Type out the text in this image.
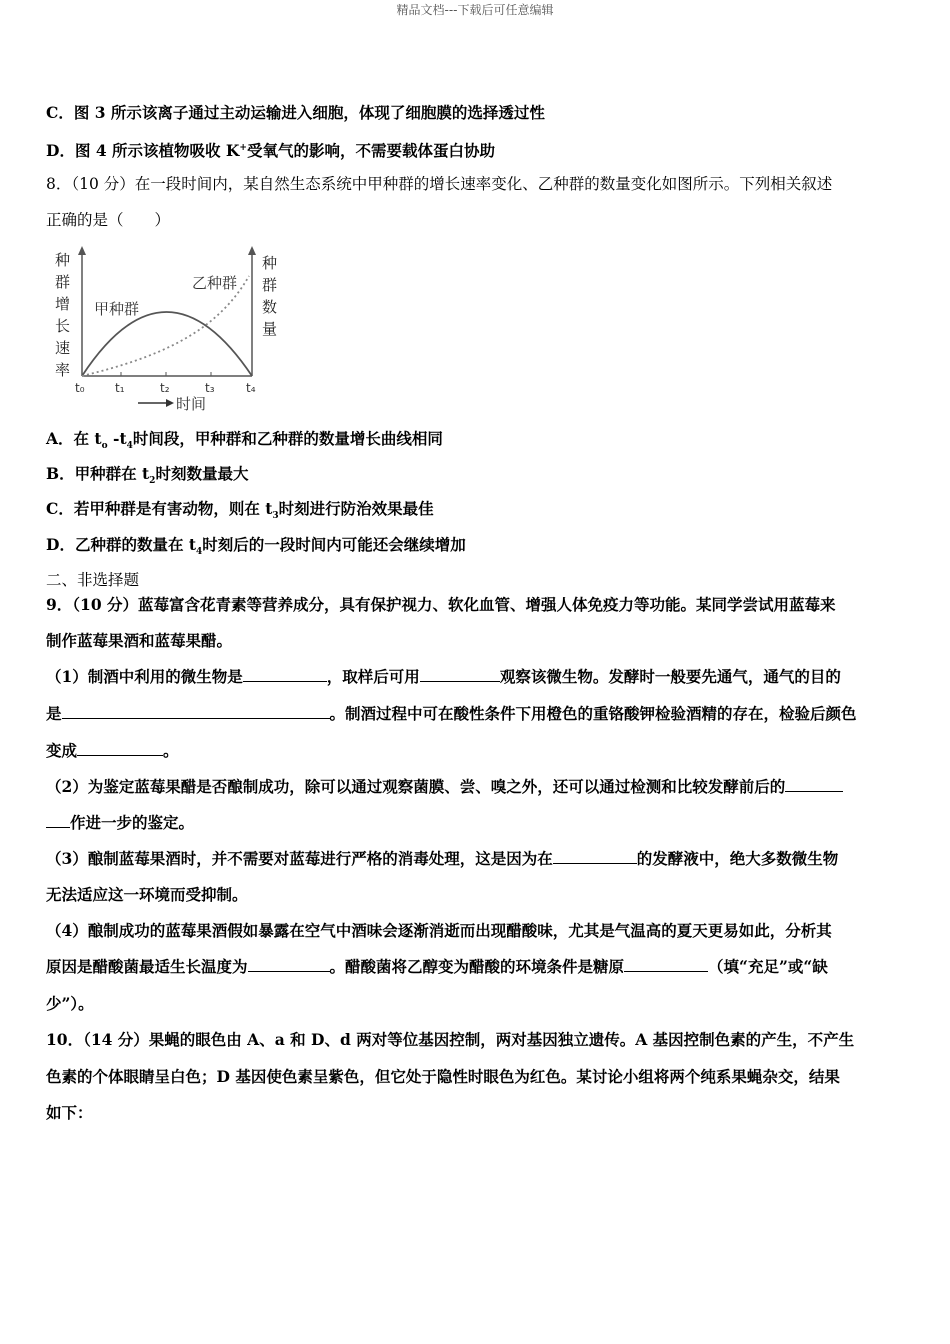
精品文档---下载后可任意编辑
C．图 3 所示该离子通过主动运输进入细胞，体现了细胞膜的选择透过性
D．图 4 所示该植物吸收 K+受氧气的影响，不需要载体蛋白协助
8．（10 分）在一段时间内，某自然生态系统中甲种群的增长速率变化、乙种群的数量变化如图所示。下列相关叙述
正确的是（　　）
种
群
增
长
速
率
种
群
数
量
甲种群
乙种群
t₀	t₁	t₂	t₃	t₄
时间
A．在 $t_o$ $-t_4$时间段，甲种群和乙种群的数量增长曲线相同
B．甲种群在 $t_2$时刻数量最大
C．若甲种群是有害动物，则在 $t_3$时刻进行防治效果最佳
D．乙种群的数量在 $t_4$时刻后的一段时间内可能还会继续增加
二、非选择题
9．（10 分）蓝莓富含花青素等营养成分，具有保护视力、软化血管、增强人体免疫力等功能。某同学尝试用蓝莓来
制作蓝莓果酒和蓝莓果醋。
（1）制酒中利用的微生物是	，取样后可用	观察该微生物。发酵时一般要先通气，通气的目的
是	。制酒过程中可在酸性条件下用橙色的重铬酸钾检验酒精的存在，检验后颜色
变成	。
（2）为鉴定蓝莓果醋是否酿制成功，除可以通过观察菌膜、尝、嗅之外，还可以通过检测和比较发酵前后的
作进一步的鉴定。
（3）酿制蓝莓果酒时，并不需要对蓝莓进行严格的消毒处理，这是因为在	的发酵液中，绝大多数微生物
无法适应这一环境而受抑制。
（4）酿制成功的蓝莓果酒假如暴露在空气中酒味会逐渐消逝而出现醋酸味，尤其是气温高的夏天更易如此，分析其
原因是醋酸菌最适生长温度为	。醋酸菌将乙醇变为醋酸的环境条件是糖原	（填“充足”或“缺
少”）。
10．（14 分）果蝇的眼色由 A、a 和 D、d 两对等位基因控制，两对基因独立遗传。A 基因控制色素的产生，不产生
色素的个体眼睛呈白色；D 基因使色素呈紫色，但它处于隐性时眼色为红色。某讨论小组将两个纯系果蝇杂交，结果
如下：
